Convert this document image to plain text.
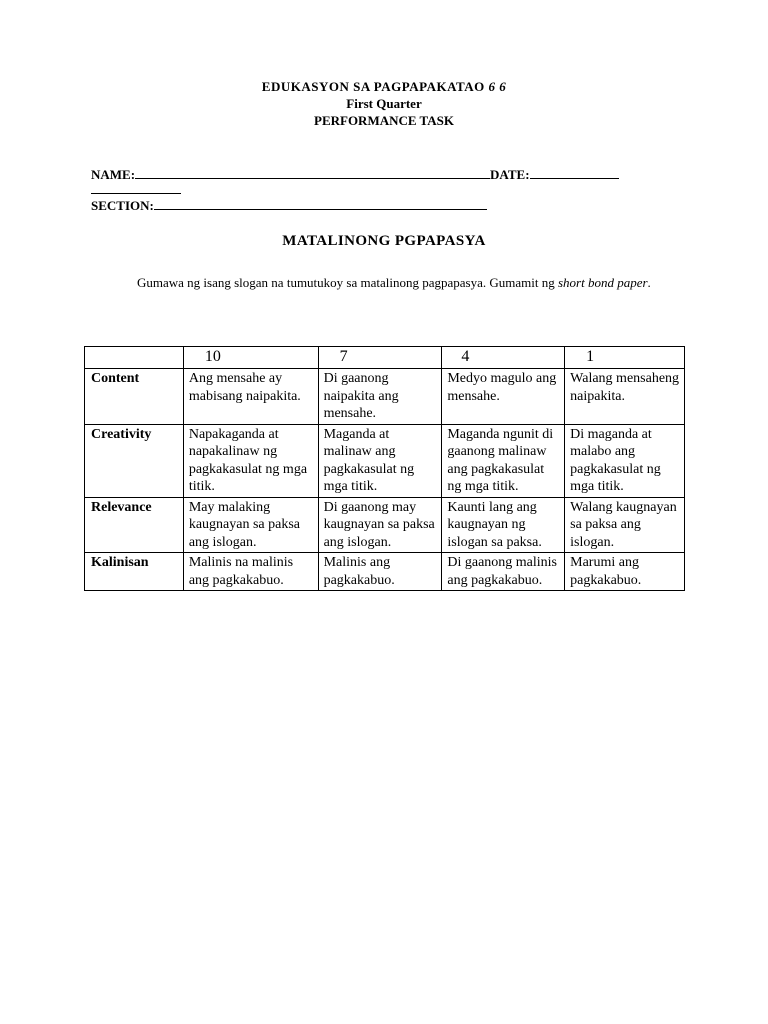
EDUKASYON SA PAGPAPAKATAO 6 6
First Quarter
PERFORMANCE TASK
NAME:	DATE:
SECTION:
MATALINONG PGPAPASYA
Gumawa ng isang slogan na tumutukoy sa matalinong pagpapasya. Gumamit ng short bond paper.
	10	7	4	1
Content	Ang mensahe ay mabisang naipakita.	Di gaanong naipakita ang mensahe.	Medyo magulo ang mensahe.	Walang mensaheng naipakita.
Creativity	Napakaganda at napakalinaw ng pagkakasulat ng mga titik.	Maganda at malinaw ang pagkakasulat ng mga titik.	Maganda ngunit di gaanong malinaw ang pagkakasulat ng mga titik.	Di maganda at malabo ang pagkakasulat ng mga titik.
Relevance	May malaking kaugnayan sa paksa ang islogan.	Di gaanong may kaugnayan sa paksa ang islogan.	Kaunti lang ang kaugnayan ng islogan sa paksa.	Walang kaugnayan sa paksa ang islogan.
Kalinisan	Malinis na malinis ang pagkakabuo.	Malinis ang pagkakabuo.	Di gaanong malinis ang pagkakabuo.	Marumi ang pagkakabuo.
